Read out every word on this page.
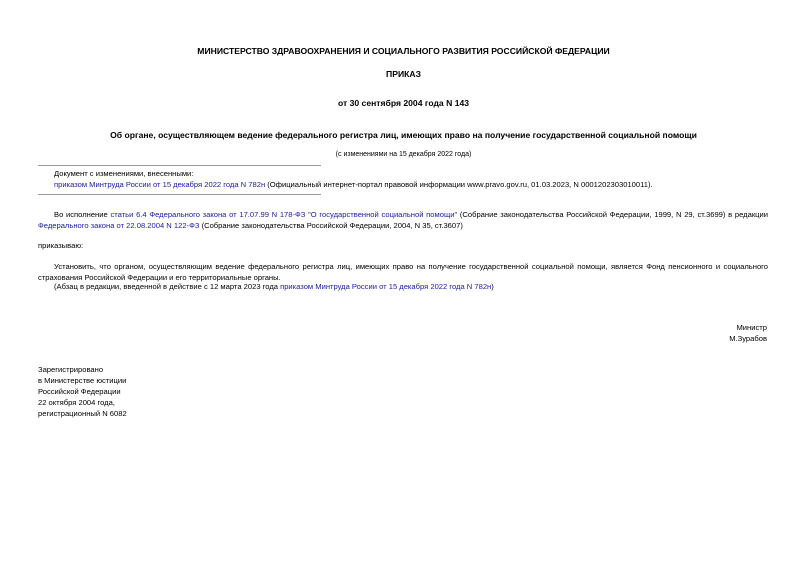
МИНИСТЕРСТВО ЗДРАВООХРАНЕНИЯ И СОЦИАЛЬНОГО РАЗВИТИЯ РОССИЙСКОЙ ФЕДЕРАЦИИ
ПРИКАЗ
от 30 сентября 2004 года N 143
Об органе, осуществляющем ведение федерального регистра лиц, имеющих право на получение государственной социальной помощи
(с изменениями на 15 декабря 2022 года)
Документ с изменениями, внесенными:
приказом Минтруда России от 15 декабря 2022 года N 782н (Официальный интернет-портал правовой информации www.pravo.gov.ru, 01.03.2023, N 0001202303010011).
Во исполнение статьи 6.4 Федерального закона от 17.07.99 N 178-ФЗ "О государственной социальной помощи" (Собрание законодательства Российской Федерации, 1999, N 29, ст.3699) в редакции Федерального закона от 22.08.2004 N 122-ФЗ (Собрание законодательства Российской Федерации, 2004, N 35, ст.3607)
приказываю:
Установить, что органом, осуществляющим ведение федерального регистра лиц, имеющих право на получение государственной социальной помощи, является Фонд пенсионного и социального страхования Российской Федерации и его территориальные органы.
(Абзац в редакции, введенной в действие с 12 марта 2023 года приказом Минтруда России от 15 декабря 2022 года N 782н)
Министр
М.Зурабов
Зарегистрировано
в Министерстве юстиции
Российской Федерации
22 октября 2004 года,
регистрационный N 6082
